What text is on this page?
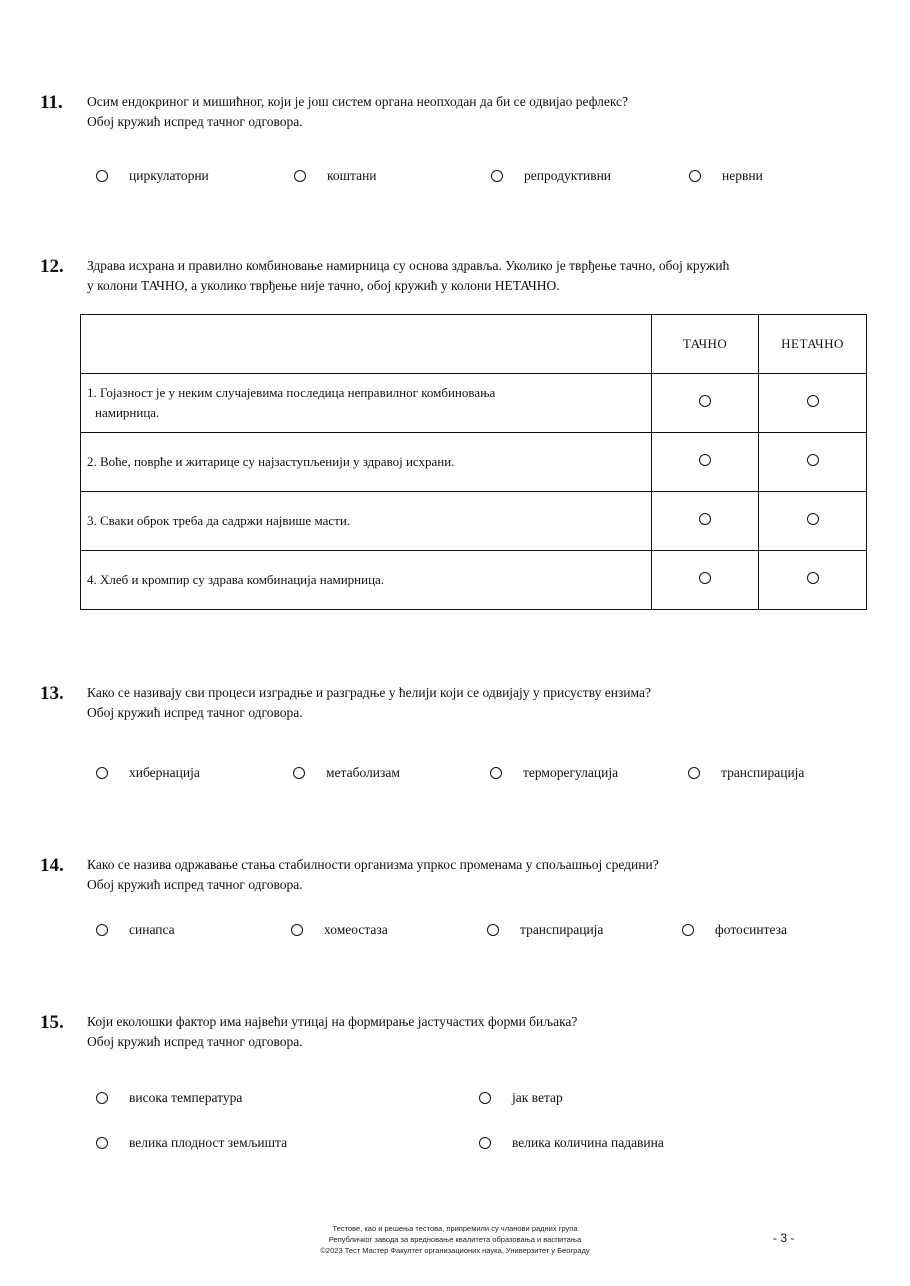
11. Осим ендокриног и мишићног, који је још систем органа неопходан да би се одвијао рефлекс?
Обој кружић испред тачног одговора.
циркулаторни	коштани	репродуктивни	нервни
12. Здрава исхрана и правилно комбиновање намирница су основа здравља. Уколико је тврђење тачно, обој кружић
у колони ТАЧНО, а уколико тврђење није тачно, обој кружић у колони НЕТАЧНО.
	ТАЧНО	НЕТАЧНО

1. Гојазност је у неким случајевима последица неправилног комбиновања
намирница.		

2. Воће, поврће и житарице су најзаступљенији у здравој исхрани.		

3. Сваки оброк треба да садржи највише масти.		

4. Хлеб и кромпир су здрава комбинација намирница.		

13. Како се називају сви процеси изградње и разградње у ћелији који се одвијају у присуству ензима?
Обој кружић испред тачног одговора.
хибернација	метаболизам	терморегулација	транспирација
14. Како се назива одржавање стања стабилности организма упркос променама у спољашњој средини?
Обој кружић испред тачног одговора.
синапса	хомеостаза	транспирација	фотосинтеза
15. Који еколошки фактор има највећи утицај на формирање јастучастих форми биљака?
Обој кружић испред тачног одговора.
висока температура	јак ветар
велика плодност земљишта	велика количина падавина
Тестове, као и решења тестова, припремили су чланови радних група
Републичког завода за вредновање квалитета образовања и васпитања
©2023 Тест Мастер Факултет организационих наука, Универзитет у Београду
- 3 -
